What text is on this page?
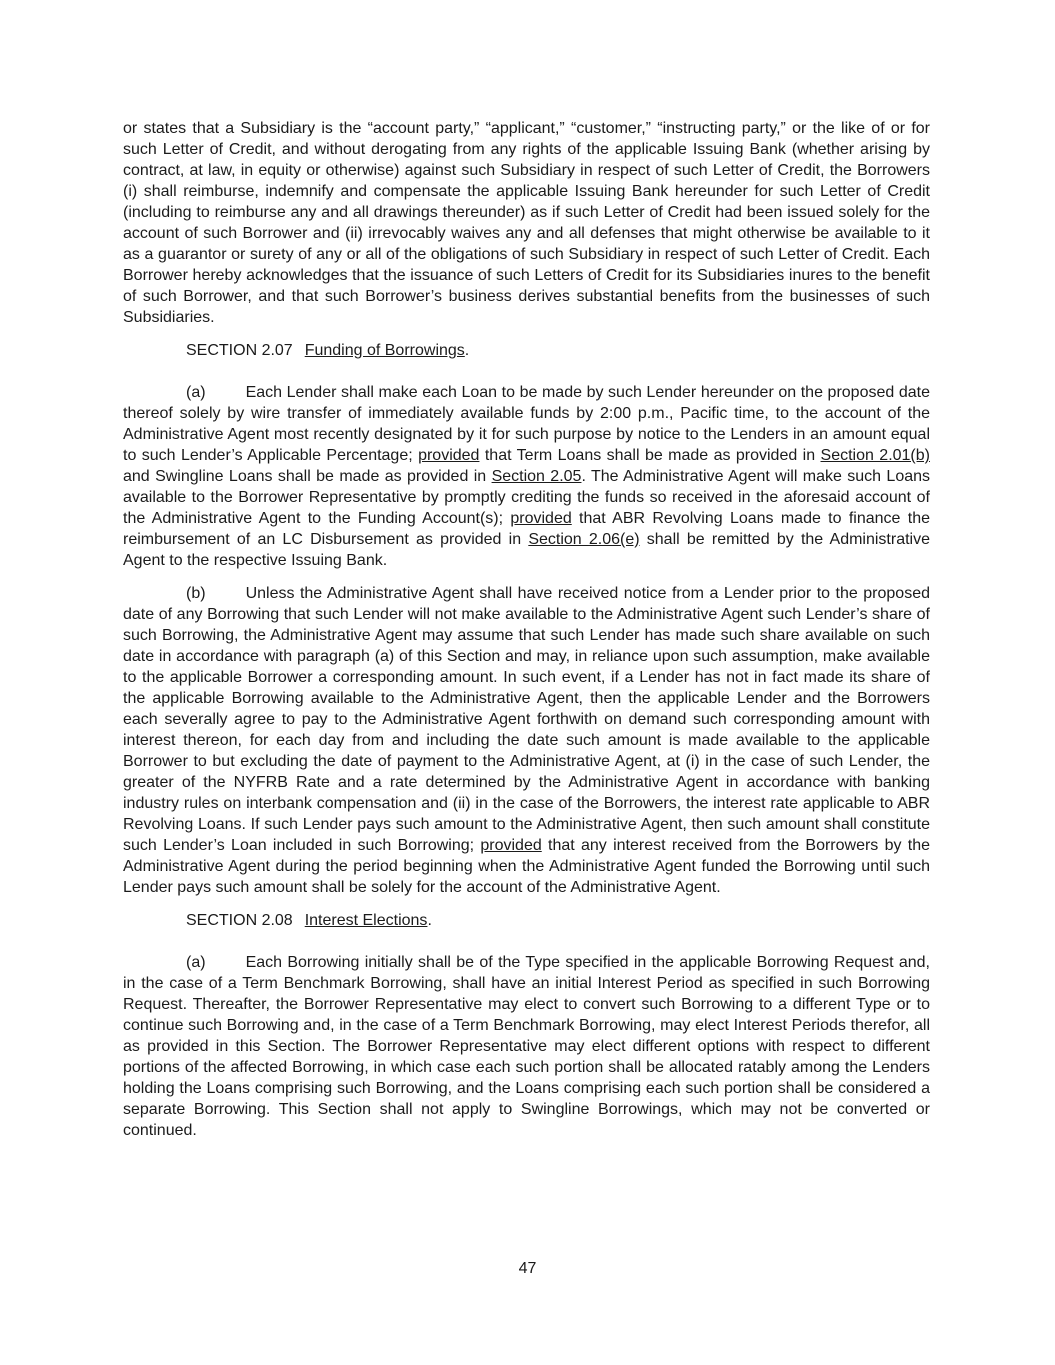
or states that a Subsidiary is the “account party,” “applicant,” “customer,” “instructing party,” or the like of or for such Letter of Credit, and without derogating from any rights of the applicable Issuing Bank (whether arising by contract, at law, in equity or otherwise) against such Subsidiary in respect of such Letter of Credit, the Borrowers (i) shall reimburse, indemnify and compensate the applicable Issuing Bank hereunder for such Letter of Credit (including to reimburse any and all drawings thereunder) as if such Letter of Credit had been issued solely for the account of such Borrower and (ii) irrevocably waives any and all defenses that might otherwise be available to it as a guarantor or surety of any or all of the obligations of such Subsidiary in respect of such Letter of Credit. Each Borrower hereby acknowledges that the issuance of such Letters of Credit for its Subsidiaries inures to the benefit of such Borrower, and that such Borrower’s business derives substantial benefits from the businesses of such Subsidiaries.

SECTION 2.07 Funding of Borrowings.

(a)	Each Lender shall make each Loan to be made by such Lender hereunder on the proposed date thereof solely by wire transfer of immediately available funds by 2:00 p.m., Pacific time, to the account of the Administrative Agent most recently designated by it for such purpose by notice to the Lenders in an amount equal to such Lender’s Applicable Percentage; provided that Term Loans shall be made as provided in Section 2.01(b) and Swingline Loans shall be made as provided in Section 2.05. The Administrative Agent will make such Loans available to the Borrower Representative by promptly crediting the funds so received in the aforesaid account of the Administrative Agent to the Funding Account(s); provided that ABR Revolving Loans made to finance the reimbursement of an LC Disbursement as provided in Section 2.06(e) shall be remitted by the Administrative Agent to the respective Issuing Bank.

(b)	Unless the Administrative Agent shall have received notice from a Lender prior to the proposed date of any Borrowing that such Lender will not make available to the Administrative Agent such Lender’s share of such Borrowing, the Administrative Agent may assume that such Lender has made such share available on such date in accordance with paragraph (a) of this Section and may, in reliance upon such assumption, make available to the applicable Borrower a corresponding amount. In such event, if a Lender has not in fact made its share of the applicable Borrowing available to the Administrative Agent, then the applicable Lender and the Borrowers each severally agree to pay to the Administrative Agent forthwith on demand such corresponding amount with interest thereon, for each day from and including the date such amount is made available to the applicable Borrower to but excluding the date of payment to the Administrative Agent, at (i) in the case of such Lender, the greater of the NYFRB Rate and a rate determined by the Administrative Agent in accordance with banking industry rules on interbank compensation and (ii) in the case of the Borrowers, the interest rate applicable to ABR Revolving Loans. If such Lender pays such amount to the Administrative Agent, then such amount shall constitute such Lender’s Loan included in such Borrowing; provided that any interest received from the Borrowers by the Administrative Agent during the period beginning when the Administrative Agent funded the Borrowing until such Lender pays such amount shall be solely for the account of the Administrative Agent.

SECTION 2.08 Interest Elections.

(a)	Each Borrowing initially shall be of the Type specified in the applicable Borrowing Request and, in the case of a Term Benchmark Borrowing, shall have an initial Interest Period as specified in such Borrowing Request. Thereafter, the Borrower Representative may elect to convert such Borrowing to a different Type or to continue such Borrowing and, in the case of a Term Benchmark Borrowing, may elect Interest Periods therefor, all as provided in this Section. The Borrower Representative may elect different options with respect to different portions of the affected Borrowing, in which case each such portion shall be allocated ratably among the Lenders holding the Loans comprising such Borrowing, and the Loans comprising each such portion shall be considered a separate Borrowing. This Section shall not apply to Swingline Borrowings, which may not be converted or continued.

47
